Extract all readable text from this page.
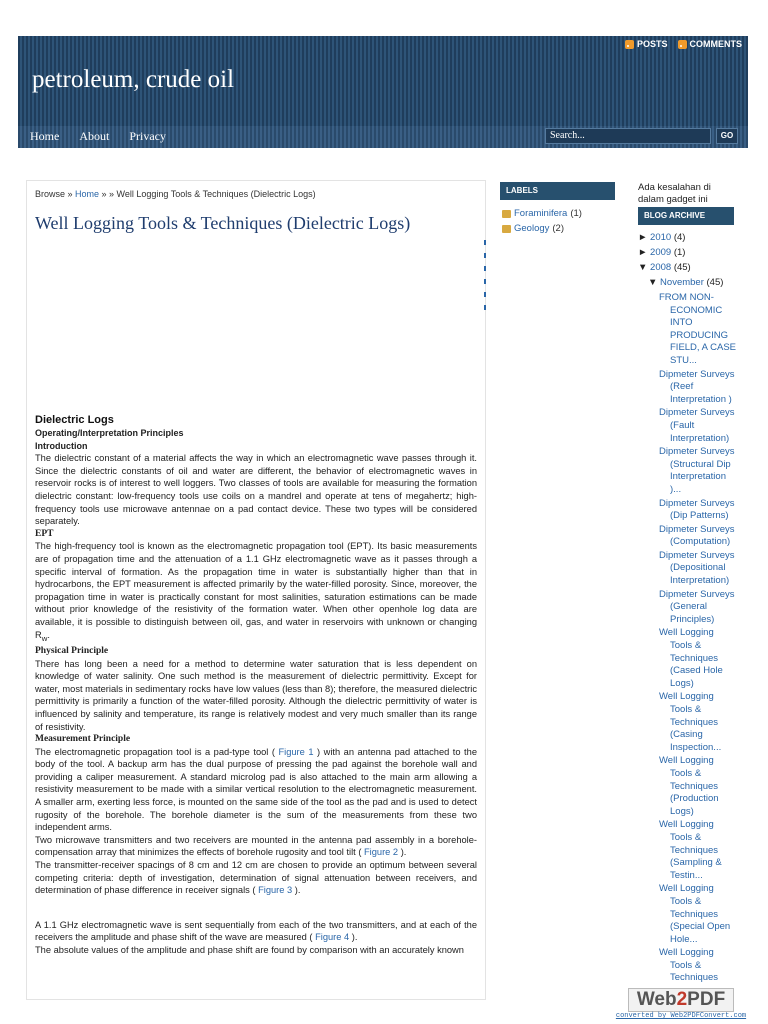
POSTS COMMENTS
petroleum, crude oil
Home About Privacy	Search...	GO
Browse » Home » » Well Logging Tools & Techniques (Dielectric Logs)
Well Logging Tools & Techniques (Dielectric Logs)
Dielectric Logs
Operating/Interpretation Principles
Introduction

The dielectric constant of a material affects the way in which an electromagnetic wave passes through it. Since the dielectric constants of oil and water are different, the behavior of electromagnetic waves in reservoir rocks is of interest to well loggers. Two classes of tools are available for measuring the formation dielectric constant: low-frequency tools use coils on a mandrel and operate at tens of megahertz; high-frequency tools use microwave antennae on a pad contact device. These two types will be considered separately.

EPT

The high-frequency tool is known as the electromagnetic propagation tool (EPT). Its basic measurements are of propagation time and the attenuation of a 1.1 GHz electromagnetic wave as it passes through a specific interval of formation. As the propagation time in water is substantially higher than that in hydrocarbons, the EPT measurement is affected primarily by the water-filled porosity. Since, moreover, the propagation time in water is practically constant for most salinities, saturation estimations can be made without prior knowledge of the resistivity of the formation water. When other openhole log data are available, it is possible to distinguish between oil, gas, and water in reservoirs with unknown or changing $R_w$.

Physical Principle

There has long been a need for a method to determine water saturation that is less dependent on knowledge of water salinity. One such method is the measurement of dielectric permittivity. Except for water, most materials in sedimentary rocks have low values (less than 8); therefore, the measured dielectric permittivity is primarily a function of the water-filled porosity. Although the dielectric permittivity of water is influenced by salinity and temperature, its range is relatively modest and very much smaller than its range of resistivity.

Measurement Principle

The electromagnetic propagation tool is a pad-type tool ( Figure 1 ) with an antenna pad attached to the body of the tool. A backup arm has the dual purpose of pressing the pad against the borehole wall and providing a caliper measurement. A standard microlog pad is also attached to the main arm allowing a resistivity measurement to be made with a similar vertical resolution to the electromagnetic measurement. A smaller arm, exerting less force, is mounted on the same side of the tool as the pad and is used to detect rugosity of the borehole. The borehole diameter is the sum of the measurements from these two independent arms.

Two microwave transmitters and two receivers are mounted in the antenna pad assembly in a borehole-compensation array that minimizes the effects of borehole rugosity and tool tilt ( Figure 2 ).

The transmitter-receiver spacings of 8 cm and 12 cm are chosen to provide an optimum between several competing criteria: depth of investigation, determination of signal attenuation between receivers, and determination of phase difference in receiver signals ( Figure 3 ).

A 1.1 GHz electromagnetic wave is sent sequentially from each of the two transmitters, and at each of the receivers the amplitude and phase shift of the wave are measured ( Figure 4 ).

The absolute values of the amplitude and phase shift are found by comparison with an accurately known

LABELS
Foraminifera (1)
Geology (2)
Ada kesalahan di dalam gadget ini
BLOG ARCHIVE
► 2010 (4)
► 2009 (1)
▼ 2008 (45)
▼ November (45)
FROM NON-
ECONOMIC INTO PRODUCING FIELD, A CASE STU...
Dipmeter Surveys
(Reef Interpretation )
Dipmeter Surveys
(Fault Interpretation)
Dipmeter Surveys
(Structural Dip Interpretation )...
Dipmeter Surveys
(Dip Patterns)
Dipmeter Surveys
(Computation)
Dipmeter Surveys
(Depositional Interpretation)
Dipmeter Surveys
(General Principles)
Well Logging
Tools & Techniques (Cased Hole Logs)
Well Logging
Tools & Techniques (Casing Inspection...
Well Logging
Tools & Techniques (Production Logs)
Well Logging
Tools & Techniques (Sampling & Testin...
Well Logging
Tools & Techniques (Special Open Hole...
Well Logging
Tools & Techniques
Web2PDF
converted by Web2PDFConvert.com
